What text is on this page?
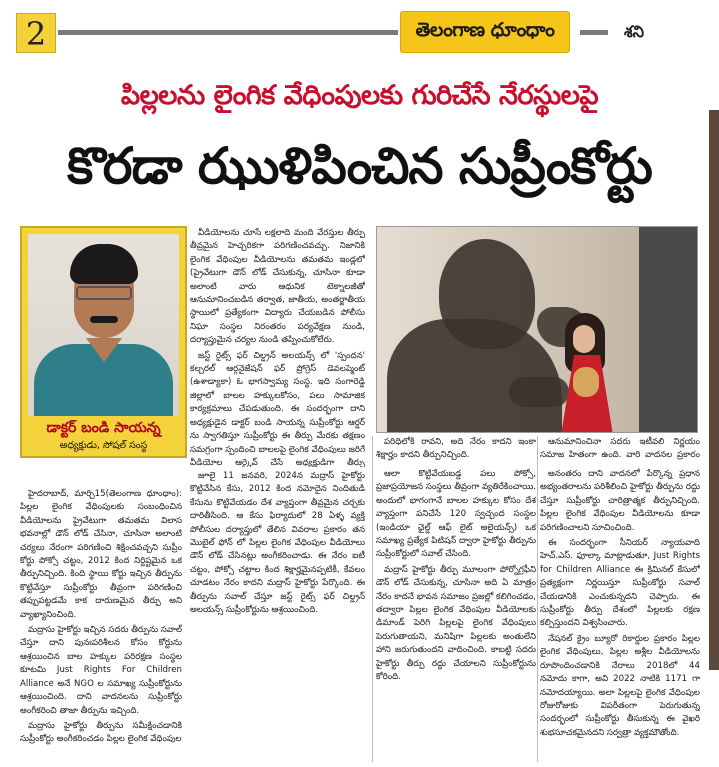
2	తెలంగాణ ధూంధాం	శని
పిల్లలను లైంగిక వేధింపులకు గురిచేసే నేరస్థులపై
కొరడా ఝుళిపించిన సుప్రీంకోర్టు
డాక్టర్ బండి సాయన్న
అధ్యక్షుడు, సోషల్ సంస్థ

వీడియోలను చూసే లక్షలాది మంది వేరస్తుల తీర్పు తీవ్రమైన హెచ్చరికగా పరిగణించవచ్చు. నిజానికి లైంగిక వేధింపుల వీడియోలను తమతమ ఇండ్లలో (ప్రైవేటుగా డౌన్ లోడ్ చేసుకున్న, చూసినా కూడా అలాంటి వారు ఆధునిక టెక్నాలజీతో ఆనుమానించబడిన తర్వాత, జాతీయ, అంతర్జాతీయ స్థాయిలో ప్రత్యేకంగా విద్యారు చేయబడిన పోలీసు నిఘా సంస్థల నిరంతరం పర్యవేక్షణ నుండి, దర్యాప్తుమైన చర్యల నుండి తప్పించుకోలేరు.

జస్ట్ రైట్స్ ఫర్ చిల్డ్రన్ అలయన్స్ లో 'స్పందన' కల్చరల్ ఆర్గనైజేషన్ ఫర్ ప్రోగ్రెస్ డెవలప్మెంట్ (ఉశాడ్యాకా) ఓ భాగస్వామ్య సంస్థ. ఇది సంగారెడ్డి జిల్లాలో బాలల హక్కులకోసం, పలు సామాజిక కార్యక్రమాలు చేపడుతుంది. ఈ సందర్భంగా దాని అధ్యక్షుడైన డాక్టర్ బండి సాయన్న సుప్రీంకోర్టు ఆర్డర్ ను స్వాగతిస్తూ సుప్రీంకోర్టు ఈ తీర్పు మేరకు తక్షణం సమగ్రంగా స్పందించి బాలలపై లైంగిక వేధింపులు జరిగే వీడియోల ఆర్కైవ్ చేసే అధ్యక్షుడిగా తీర్పు

జూలై 11 జనవరి, 2024న మద్రాస్ హైకోర్టు కొట్టివేసిన కేసు, 2012 కింద నమోదైన నిందితుడి కేసును కొట్టివేయడం దేశ వ్యాప్తంగా తీవ్రమైన చర్చకు దారితీసింది. ఆ కేసు ఫిర్యాదులో 28 ఏళ్ళ వ్యక్తి పోలీసుల దర్యాప్తులో తేలిన వివరాల ప్రకారం తన మొబైల్ ఫోన్ లో పిల్లల లైంగిక వేధింపుల వీడియోలు డౌన్ లోడ్ చేసినట్లు అంగీకరించాడు. ఈ నేరం ఐటీ చట్టం, పోక్సో చట్టాల కింద శిక్షార్హమైనప్పటికీ, కేవలం చూడటం నేరం కాదని మద్రాస్ హైకోర్టు పేర్కొంది. ఈ తీర్పును సవాల్ చేస్తూ జస్ట్ రైట్స్ ఫర్ చిల్డ్రన్ అలయన్స్ సుప్రీంకోర్టును ఆశ్రయించింది.

హైదరాబాద్, మార్చి15(తెలంగాణ ధూంధాం): పిల్లల లైంగిక వేధింపులకు సంబంధించిన వీడియోలను ప్రైవేటుగా తమతమ విలాస భవనాల్లో డౌన్ లోడ్ చేసినా, చూసినా అలాంటి చర్యలు నేరంగా పరిగణించి శిక్షించవచ్చని సుప్రీం కోర్టు పోక్సో చట్టం, 2012 కింద నిర్దిష్టమైన ఒక తీర్పునిచ్చింది. కింది స్థాయి కోర్టు ఇచ్చిన తీర్పును కొట్టివేస్తూ సుప్రీంకోర్టు తీవ్రంగా పరిగణించి తప్పుపట్టడమే కాక దారుణమైన తీర్పు అని వ్యాఖ్యానించింది.

మద్రాసు హైకోర్టు ఇచ్చిన సదరు తీర్పును సవాల్ చేస్తూ దాని పునఃపరిశీలన కోసం కోర్టును ఆశ్రయించిన బాల హక్కుల పరిరక్షణ సంస్థల కూటమి Just Rights For Children Alliance అనే NGO ల సమాఖ్య సుప్రీంకోర్టును ఆశ్రయించింది. దాని వాదనలను సుప్రీంకోర్టు అంగీకరించి తాజా తీర్పును ఇచ్చింది.

మద్రాసు హైకోర్టు తీర్పును సమీక్షించడానికి సుప్రీంకోర్టు అంగీకరించడం పిల్లల లైంగిక వేధింపుల

పరిధిలోకి రావని, అది నేరం కాదని ఇంకా శిక్షార్హం కాదని తీర్పునిచ్చింది.

ఆలా కొట్టివేయబడ్డ పలు పోక్సో, ప్రజాప్రయోజన సంస్థలు తీవ్రంగా వ్యతిరేకించాయి. అందులో భాగంగానే బాలల హక్కుల కోసం దేశ వ్యాప్తంగా పనిచేసే 120 స్వచ్ఛంద సంస్థల (ఇండియా ఛైల్డ్ ఆఫ్ లైట్ అలైయన్స్) ఒక సమాఖ్య ప్రత్యేక పిటిషన్ ద్వారా హైకోర్టు తీర్పును సుప్రీంకోర్టులో సవాల్ చేసింది.

మద్రాస్ హైకోర్టు తీర్పు మూలంగా పోర్నోగ్రఫీని డౌన్ లోడ్ చేసుకున్న, చూసినా అది ఏ మాత్రం నేరం కాదనే భావన సమాజం ప్రజల్లో కలిగించడం, తద్వారా పిల్లల లైంగిక వేధింపుల వీడియోలకు డిమాండ్ పెరిగి పిల్లలపై లైంగిక వేధింపులు పెరుగుతాయని, మనిషిగా పిల్లలకు అంతులేని హాని జరుగుతుందని వాదించింది. కాబట్టి సదరు హైకోర్టు తీర్పు రద్దు చేయాలని సుప్రీంకోర్టును కోరింది.

ఆనుమానించినా సదరు ఇటీవలి నిర్ణయం సమాజ హితంగా ఉంది. వారి వాదనల ప్రకారం

అనంతరం దాని వాదనలో పేర్కొన్న ప్రధాన అభ్యంతరాలను పరిశీలించి హైకోర్టు తీర్పును రద్దు చేస్తూ సుప్రీంకోర్టు చారిత్రాత్మక తీర్పునిచ్చింది. పిల్లల లైంగిక వేధింపుల వీడియోలను కూడా పరిగణించాలని సూచించింది.

ఈ సందర్భంగా సీనియర్ న్యాయవాది హెచ్.ఎస్. ఫూల్కా మాట్లాడుతూ, Just Rights for Children Alliance ఈ క్రిమినల్ కేసులో ప్రత్యక్షంగా నిర్ణయిస్తూ సుప్రీంకోర్టు సవాల్ చేయడానికి ఎంచుకున్నదని చెప్పారు. ఈ సుప్రీంకోర్టు తీర్పు దేశంలో పిల్లలకు రక్షణ కల్పిస్తుందని విశ్వసించారు.

నేషనల్ క్రైం బ్యూరో రికార్డుల ప్రకారం పిల్లల లైంగిక వేధింపులు, పిల్లల అశ్లీల వీడియోలను రూపొందించడానికి నేరాలు 2018లో 44 నమోదు కాగా, అవి 2022 నాటికి 1171 గా నమోదయ్యాయి. అలా పిల్లలపై లైంగిక వేధింపుల రోజురోజుకు విపరీతంగా పెరుగుతున్న సందర్భంలో సుప్రీంకోర్టు తీసుకున్న ఈ వైఖరి శుభసూచకమైనదని సర్వత్రా వ్యక్తమౌతోంది.
